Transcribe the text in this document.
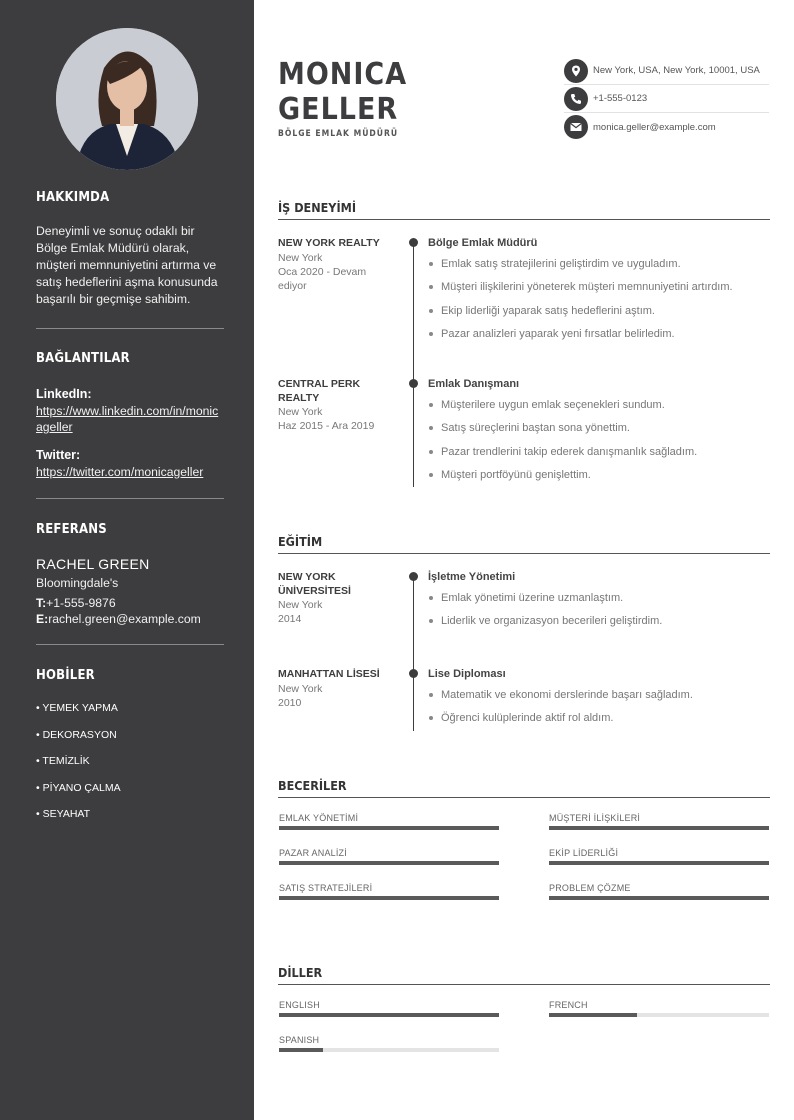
HAKKIMDA
Deneyimli ve sonuç odaklı bir Bölge Emlak Müdürü olarak, müşteri memnuniyetini artırma ve satış hedeflerini aşma konusunda başarılı bir geçmişe sahibim.
BAĞLANTILAR
LinkedIn:
https://www.linkedin.com/in/monicageller
Twitter:
https://twitter.com/monicageller
REFERANS
RACHEL GREEN
Bloomingdale's
T:+1-555-9876
E:rachel.green@example.com
HOBİLER
• YEMEK YAPMA
• DEKORASYON
• TEMİZLİK
• PİYANO ÇALMA
• SEYAHAT
MONICA
GELLER
BÖLGE EMLAK MÜDÜRÜ
New York, USA, New York, 10001, USA
+1-555-0123
monica.geller@example.com
İŞ DENEYİMİ
NEW YORK REALTY
New York
Oca 2020 - Devam ediyor
Bölge Emlak Müdürü
Emlak satış stratejilerini geliştirdim ve uyguladım.
Müşteri ilişkilerini yöneterek müşteri memnuniyetini artırdım.
Ekip liderliği yaparak satış hedeflerini aştım.
Pazar analizleri yaparak yeni fırsatlar belirledim.
CENTRAL PERK REALTY
New York
Haz 2015 - Ara 2019
Emlak Danışmanı
Müşterilere uygun emlak seçenekleri sundum.
Satış süreçlerini baştan sona yönettim.
Pazar trendlerini takip ederek danışmanlık sağladım.
Müşteri portföyünü genişlettim.
EĞİTİM
NEW YORK ÜNİVERSİTESİ
New York
2014
İşletme Yönetimi
Emlak yönetimi üzerine uzmanlaştım.
Liderlik ve organizasyon becerileri geliştirdim.
MANHATTAN LİSESİ
New York
2010
Lise Diploması
Matematik ve ekonomi derslerinde başarı sağladım.
Öğrenci kulüplerinde aktif rol aldım.
BECERİLER
EMLAK YÖNETİMİ	MÜŞTERİ İLİŞKİLERİ
PAZAR ANALİZİ	EKİP LİDERLİĞİ
SATIŞ STRATEJİLERİ	PROBLEM ÇÖZME
DİLLER
ENGLISH	FRENCH
SPANISH
